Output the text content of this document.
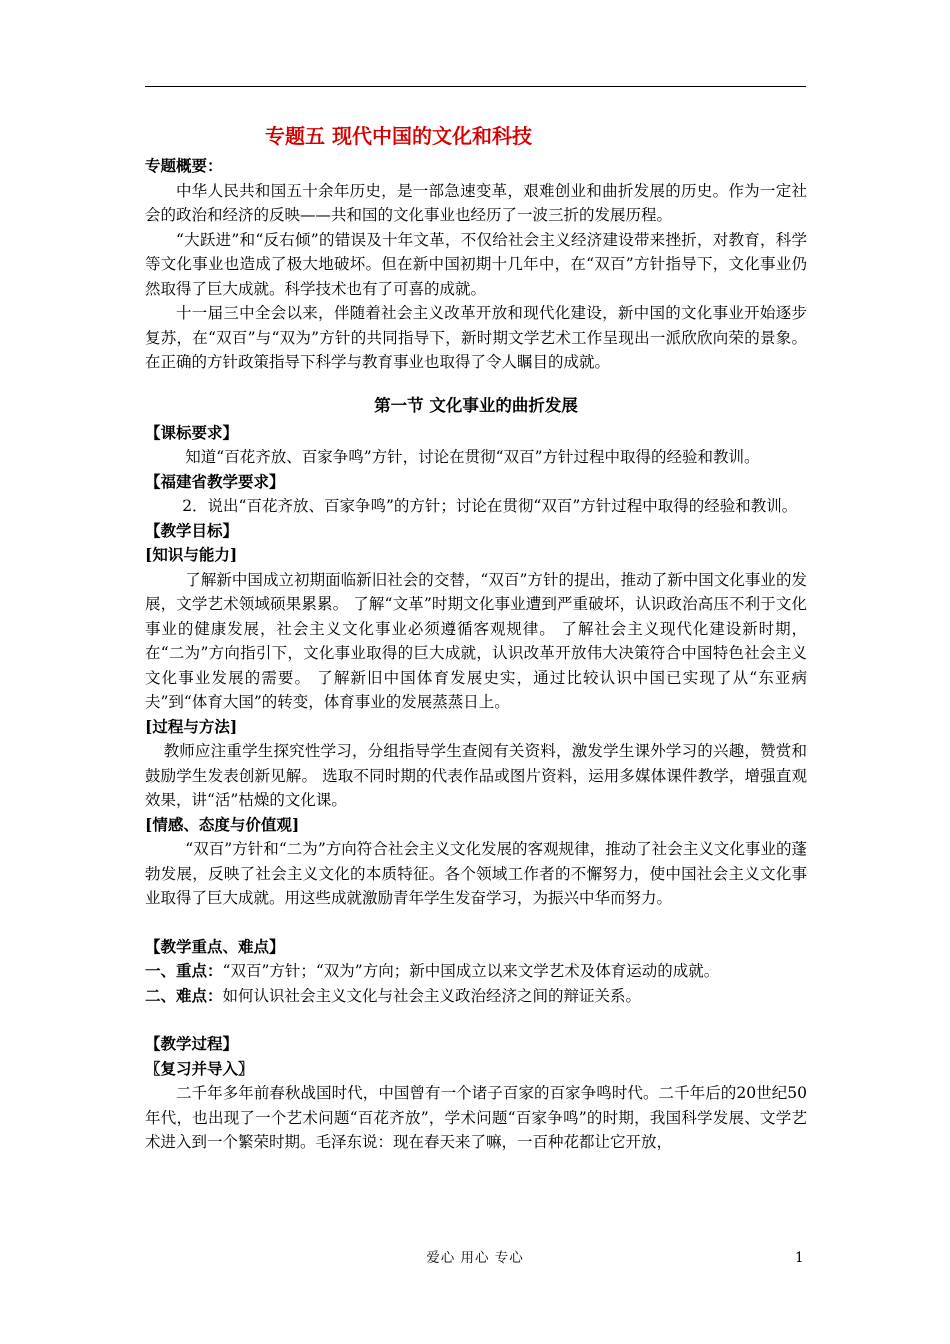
专题五 现代中国的文化和科技
专题概要：
中华人民共和国五十余年历史，是一部急速变革，艰难创业和曲折发展的历史。作为一定社会的政治和经济的反映——共和国的文化事业也经历了一波三折的发展历程。
“大跃进”和“反右倾”的错误及十年文革，不仅给社会主义经济建设带来挫折，对教育，科学等文化事业也造成了极大地破坏。但在新中国初期十几年中，在“双百”方针指导下，文化事业仍然取得了巨大成就。科学技术也有了可喜的成就。
十一届三中全会以来，伴随着社会主义改革开放和现代化建设，新中国的文化事业开始逐步复苏，在“双百”与“双为”方针的共同指导下，新时期文学艺术工作呈现出一派欣欣向荣的景象。在正确的方针政策指导下科学与教育事业也取得了令人瞩目的成就。
第一节 文化事业的曲折发展
【课标要求】
知道“百花齐放、百家争鸣”方针，讨论在贯彻“双百”方针过程中取得的经验和教训。
【福建省教学要求】
2．说出“百花齐放、百家争鸣”的方针；讨论在贯彻“双百”方针过程中取得的经验和教训。
【教学目标】
[知识与能力]
了解新中国成立初期面临新旧社会的交替，“双百”方针的提出，推动了新中国文化事业的发展，文学艺术领域硕果累累。 了解“文革”时期文化事业遭到严重破坏，认识政治高压不利于文化事业的健康发展，社会主义文化事业必须遵循客观规律。 了解社会主义现代化建设新时期，在“二为”方向指引下，文化事业取得的巨大成就，认识改革开放伟大决策符合中国特色社会主义文化事业发展的需要。 了解新旧中国体育发展史实，通过比较认识中国已实现了从“东亚病夫”到“体育大国”的转变，体育事业的发展蒸蒸日上。
[过程与方法]
教师应注重学生探究性学习，分组指导学生查阅有关资料，激发学生课外学习的兴趣，赞赏和鼓励学生发表创新见解。 选取不同时期的代表作品或图片资料，运用多媒体课件教学，增强直观效果，讲“活”枯燥的文化课。
[情感、态度与价值观]
“双百”方针和“二为”方向符合社会主义文化发展的客观规律，推动了社会主义文化事业的蓬勃发展，反映了社会主义文化的本质特征。各个领域工作者的不懈努力，使中国社会主义文化事业取得了巨大成就。用这些成就激励青年学生发奋学习，为振兴中华而努力。
【教学重点、难点】
一、重点：“双百”方针；“双为”方向；新中国成立以来文学艺术及体育运动的成就。
二、难点：如何认识社会主义文化与社会主义政治经济之间的辩证关系。
【教学过程】
〖复习并导入〗
二千年多年前春秋战国时代，中国曾有一个诸子百家的百家争鸣时代。二千年后的20世纪50年代，也出现了一个艺术问题“百花齐放”，学术问题“百家争鸣”的时期，我国科学发展、文学艺术进入到一个繁荣时期。毛泽东说：现在春天来了嘛，一百种花都让它开放，
爱心 用心 专心	1
